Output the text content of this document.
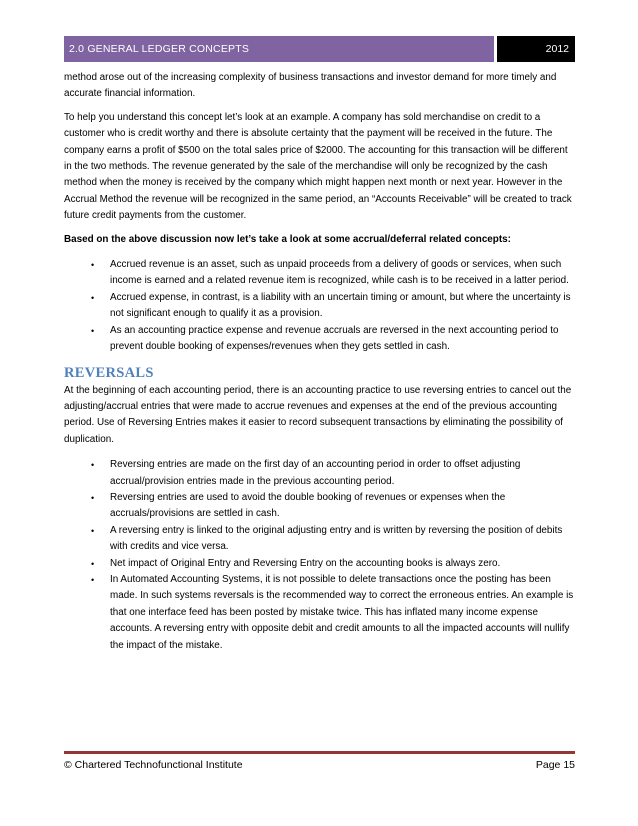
2.0 GENERAL LEDGER CONCEPTS	2012

method arose out of the increasing complexity of business transactions and investor demand for more timely and accurate financial information.

To help you understand this concept let’s look at an example. A company has sold merchandise on credit to a customer who is credit worthy and there is absolute certainty that the payment will be received in the future. The company earns a profit of $500 on the total sales price of $2000. The accounting for this transaction will be different in the two methods. The revenue generated by the sale of the merchandise will only be recognized by the cash method when the money is received by the company which might happen next month or next year. However in the Accrual Method the revenue will be recognized in the same period, an “Accounts Receivable” will be created to track future credit payments from the customer.

Based on the above discussion now let’s take a look at some accrual/deferral related concepts:

• Accrued revenue is an asset, such as unpaid proceeds from a delivery of goods or services, when such income is earned and a related revenue item is recognized, while cash is to be received in a latter period.
• Accrued expense, in contrast, is a liability with an uncertain timing or amount, but where the uncertainty is not significant enough to qualify it as a provision.
• As an accounting practice expense and revenue accruals are reversed in the next accounting period to prevent double booking of expenses/revenues when they gets settled in cash.
REVERSALS

At the beginning of each accounting period, there is an accounting practice to use reversing entries to cancel out the adjusting/accrual entries that were made to accrue revenues and expenses at the end of the previous accounting period. Use of Reversing Entries makes it easier to record subsequent transactions by eliminating the possibility of duplication.

• Reversing entries are made on the first day of an accounting period in order to offset adjusting accrual/provision entries made in the previous accounting period.
• Reversing entries are used to avoid the double booking of revenues or expenses when the accruals/provisions are settled in cash.
• A reversing entry is linked to the original adjusting entry and is written by reversing the position of debits with credits and vice versa.
• Net impact of Original Entry and Reversing Entry on the accounting books is always zero.
• In Automated Accounting Systems, it is not possible to delete transactions once the posting has been made. In such systems reversals is the recommended way to correct the erroneous entries. An example is that one interface feed has been posted by mistake twice. This has inflated many income expense accounts. A reversing entry with opposite debit and credit amounts to all the impacted accounts will nullify the impact of the mistake.
© Chartered Technofunctional Institute	Page 15
